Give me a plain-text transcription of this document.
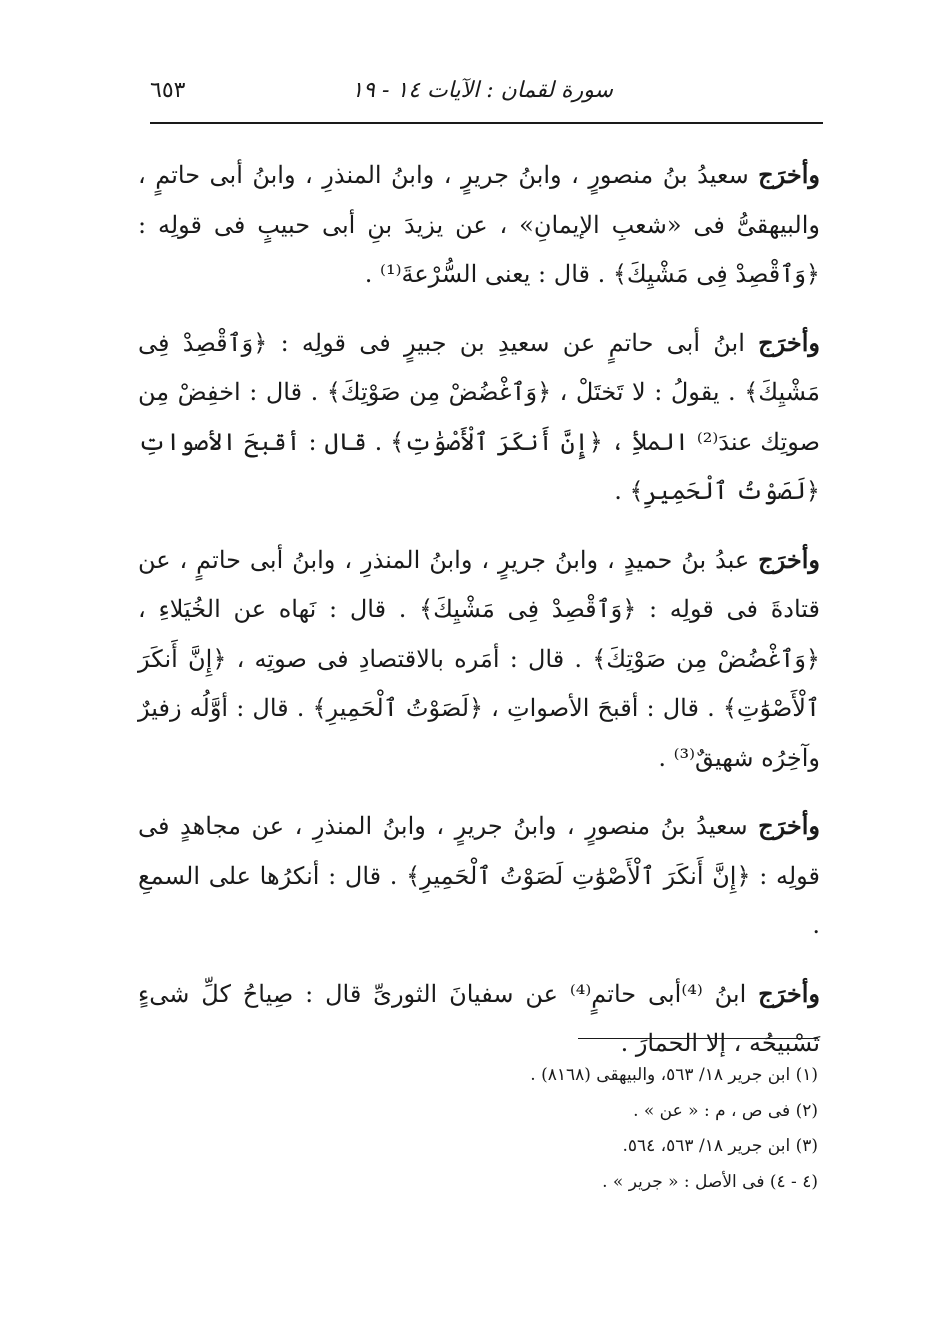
سورة لقمان : الآيات ١٤ - ١٩
٦٥٣

وأخرَج سعيدُ بنُ منصورٍ ، وابنُ جريرٍ ، وابنُ المنذرِ ، وابنُ أبى حاتمٍ ، والبيهقىُّ فى «شعبِ الإيمانِ» ، عن يزيدَ بنِ أبى حبيبٍ فى قولِه : ﴿وَٱقْصِدْ فِى مَشْيِكَ﴾ . قال : يعنى السُّرْعةَ⁽¹⁾ .

وأخرَج ابنُ أبى حاتمٍ عن سعيدِ بن جبيرٍ فى قولِه : ﴿وَٱقْصِدْ فِى مَشْيِكَ﴾ . يقولُ : لا تَختَلْ ، ﴿وَٱغْضُضْ مِن صَوْتِكَ﴾ . قال : اخفِضْ مِن صوتِك عندَ⁽²⁾ الملأِ ، ﴿إِنَّ أَنكَرَ ٱلْأَصْوَٰتِ﴾ . قال : أقبحَ الأصواتِ ﴿لَصَوْتُ ٱلْحَمِيرِ﴾ .

وأخرَج عبدُ بنُ حميدٍ ، وابنُ جريرٍ ، وابنُ المنذرِ ، وابنُ أبى حاتمٍ ، عن قتادةَ فى قولِه : ﴿وَٱقْصِدْ فِى مَشْيِكَ﴾ . قال : نَهاه عن الخُيَلاءِ ، ﴿وَٱغْضُضْ مِن صَوْتِكَ﴾ . قال : أمَره بالاقتصادِ فى صوتِه ، ﴿إِنَّ أَنكَرَ ٱلْأَصْوَٰتِ﴾ . قال : أقبحَ الأصواتِ ، ﴿لَصَوْتُ ٱلْحَمِيرِ﴾ . قال : أوَّلُه زفيرٌ وآخِرُه شهيقٌ⁽³⁾ .

وأخرَج سعيدُ بنُ منصورٍ ، وابنُ جريرٍ ، وابنُ المنذرِ ، عن مجاهدٍ فى قولِه : ﴿إِنَّ أَنكَرَ ٱلْأَصْوَٰتِ لَصَوْتُ ٱلْحَمِيرِ﴾ . قال : أنكرُها على السمعِ .

وأخرَج ابنُ ⁽⁴⁾أبى حاتمٍ⁽⁴⁾ عن سفيانَ الثورىِّ قال : صِياحُ كلِّ شىءٍ تَسْبيحُه ، إلا الحمارَ .

(١) ابن جرير ١٨/ ٥٦٣، والبيهقى (٨١٦٨) .

(٢) فى ص ، م : « عن » .

(٣) ابن جرير ١٨/ ٥٦٣، ٥٦٤.

(٤ - ٤) فى الأصل : « جرير » .
